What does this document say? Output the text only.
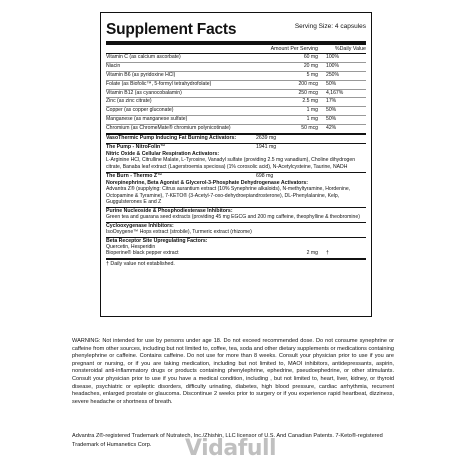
Supplement Facts	Serving Size: 4 capsules
Amount Per Serving	%Daily Value
Vitamin C (as calcium ascorbate)	60 mg	100%
Niacin	20 mg	100%
Vitamin B6 (as pyridoxine HCl)	5 mg	250%
Folate (as Biofolic™, 5-formyl tetrahydrofolate)	200 mcg	50%
Vitamin B12 (as cyanocobalamin)	250 mcg	4,167%
Zinc (as zinc citrate)	2.5 mg	17%
Copper (as copper gluconate)	1 mg	50%
Manganese (as manganese sulfate)	1 mg	50%
Chromium (as ChromeMate® chromium polynicotinate)	50 mcg	42%
VasoThermic Pump Inducing Fat Burning Activators:	2639 mg
The Pump - NitroFolin™	1941 mg
Nitric Oxide & Cellular Respiration Activators:
L-Arginine HCl, Citrulline Malate, L-Tyrosine, Vanadyl sulfate (providing 2.5 mg vanadium), Choline dihydrogen citrate, Banaba leaf extract (Lagerstroemia speciosa) (1% corosolic acid), N-Acetylcysteine, Taurine, NADH
The Burn - Thermo Z™	698 mg
Norepinephrine, Beta Agonist & Glycerol-3-Phosphate Dehydrogenase Activators:
Advantra Z® (supplying: Citrus aurantium extract (10% Synephrine alkaloids), N-methyltyramine, Hordenine, Octopamine & Tyramine), 7-KETO® (3-Acetyl-7-oxo-dehydroepiandrosterone), DL-Phenylalanine, Kelp, Guggulsterones E and Z
Purine Nucleoside & Phosphodiesterase Inhibitors:
Green tea and guarana seed extracts (providing 45 mg EGCG and 200 mg caffeine, theophylline & theobromine)
Cyclooxygenase Inhibitors:
IsoOxygene™ Hops extract (strobile), Turmeric extract (rhizome)
Beta Receptor Site Upregulating Factors:
Quercetin, Hesperidin
Bioperine® black pepper extract	2 mg	†
† Daily value not established.
WARNING: Not intended for use by persons under age 18. Do not exceed recommended dose. Do not consume synephrine or caffeine from other sources, including but not limited to, coffee, tea, soda and other dietary supplements or medications containing phenylephrine or caffeine. Contains caffeine. Do not use for more than 8 weeks. Consult your physician prior to use if you are pregnant or nursing, or if you are taking medication, including but not limited to, MAOI inhibitors, antidepressants, aspirin, nonsteroidal anti-inflammatory drugs or products containing phenylephrine, ephedrine, pseudoephedrine, or other stimulants. Consult your physician prior to use if you have a medical condition, including , but not limited to, heart, liver, kidney, or thyroid disease, psychiatric or epileptic disorders, difficulty urinating, diabetes, high blood pressure, cardiac arrhythmia, recurrent headaches, enlarged prostate or glaucoma. Discontinue 2 weeks prior to surgery or if you experience rapid heartbeat, dizziness, severe headache or shortness of breath.
Advantra Z®-registered Trademark of Nutratech, Inc./Zhishin, LLC licensor of U.S. And Canadian Patents. 7-Keto®-registered Trademark of Humanetics Corp.	Vidafull
